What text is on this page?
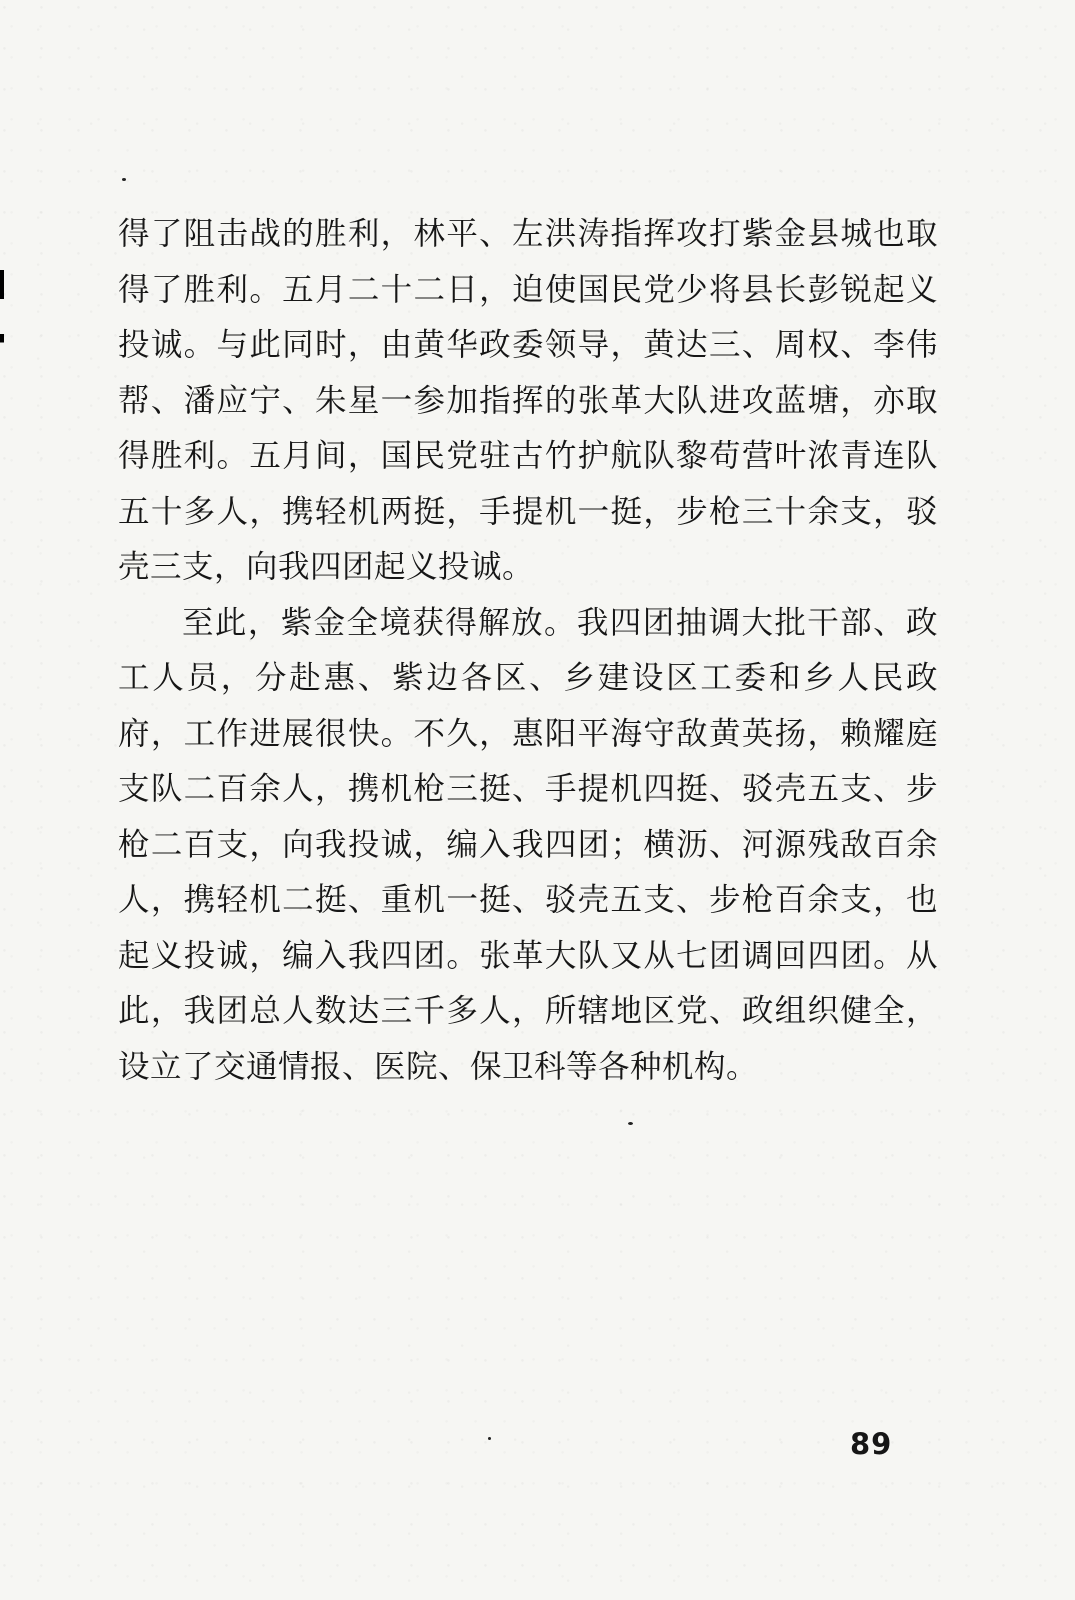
得了阻击战的胜利，林平、左洪涛指挥攻打紫金县城也取得了胜利。五月二十二日，迫使国民党少将县长彭锐起义投诚。与此同时，由黄华政委领导，黄达三、周权、李伟帮、潘应宁、朱星一参加指挥的张革大队进攻蓝塘，亦取得胜利。五月间，国民党驻古竹护航队黎苟营叶浓青连队五十多人，携轻机两挺，手提机一挺，步枪三十余支，驳壳三支，向我四团起义投诚。

至此，紫金全境获得解放。我四团抽调大批干部、政工人员，分赴惠、紫边各区、乡建设区工委和乡人民政府，工作进展很快。不久，惠阳平海守敌黄英扬，赖耀庭支队二百余人，携机枪三挺、手提机四挺、驳壳五支、步枪二百支，向我投诚，编入我四团；横沥、河源残敌百余人，携轻机二挺、重机一挺、驳壳五支、步枪百余支，也起义投诚，编入我四团。张革大队又从七团调回四团。从此，我团总人数达三千多人，所辖地区党、政组织健全，设立了交通情报、医院、保卫科等各种机构。

89
